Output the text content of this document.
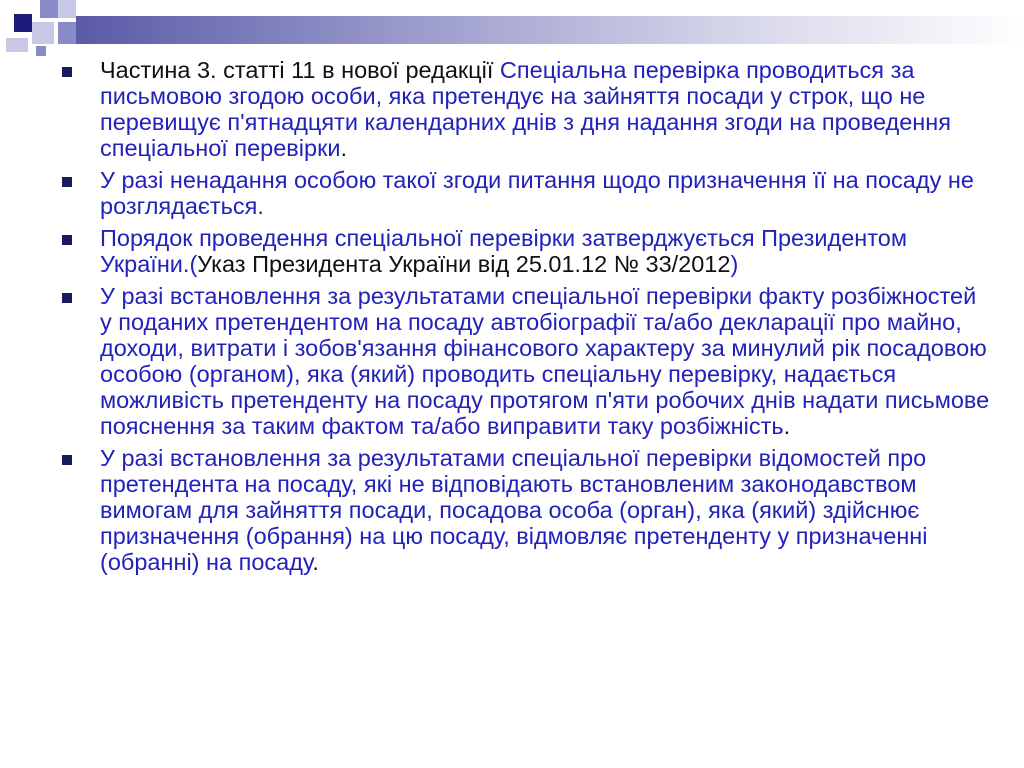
Частина 3. статті 11 в нової редакції Спеціальна перевірка проводиться за письмовою згодою особи, яка претендує на зайняття посади у строк, що не перевищує п'ятнадцяти календарних днів з дня надання згоди на проведення спеціальної перевірки.
У разі ненадання особою такої згоди питання щодо призначення її на посаду не розглядається.
Порядок проведення спеціальної перевірки затверджується Президентом України.(Указ Президента України від 25.01.12 № 33/2012)
У разі встановлення за результатами спеціальної перевірки факту розбіжностей у поданих претендентом на посаду автобіографії та/або декларації про майно, доходи, витрати і зобов'язання фінансового характеру за минулий рік посадовою особою (органом), яка (який) проводить спеціальну перевірку, надається можливість претенденту на посаду протягом п'яти робочих днів надати письмове пояснення за таким фактом та/або виправити таку розбіжність.
У разі встановлення за результатами спеціальної перевірки відомостей про претендента на посаду, які не відповідають встановленим законодавством вимогам для зайняття посади, посадова особа (орган), яка (який) здійснює призначення (обрання) на цю посаду, відмовляє претенденту у призначенні (обранні) на посаду.
